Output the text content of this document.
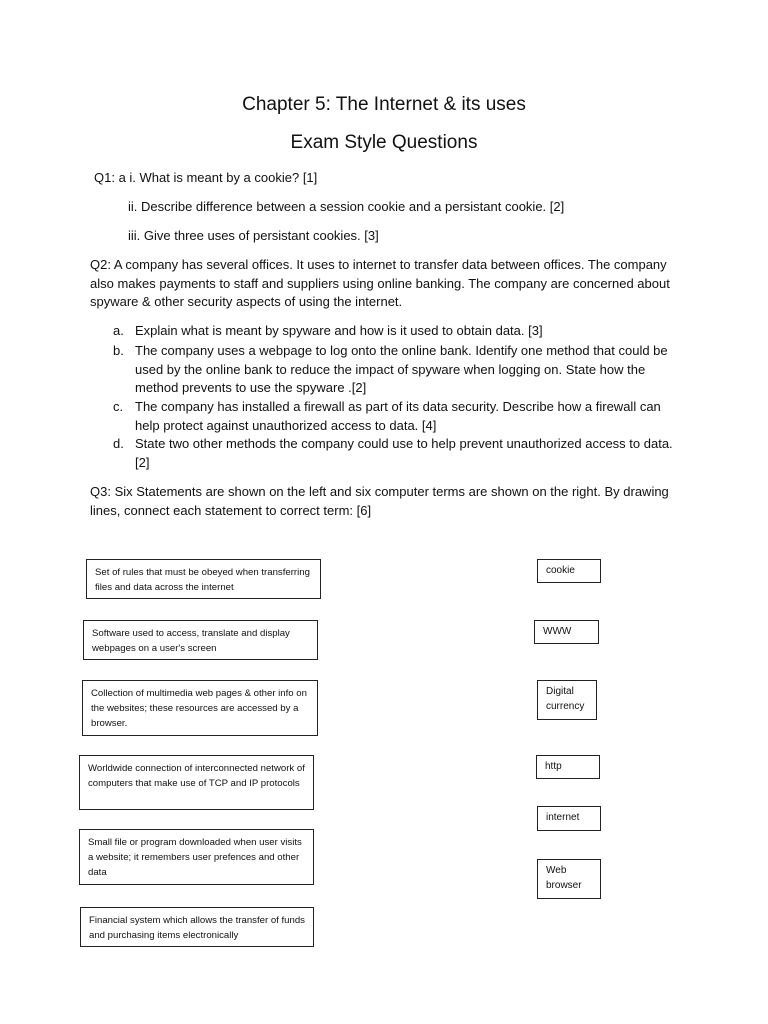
Chapter 5: The Internet & its uses
Exam Style Questions
Q1: a i. What is meant by a cookie? [1]
ii. Describe difference between a session cookie and a persistant cookie. [2]
iii. Give three uses of persistant cookies. [3]
Q2: A company has several offices. It uses to internet to transfer data between offices. The company also makes payments to staff and suppliers using online banking. The company are concerned about spyware & other security aspects of using the internet.
a. Explain what is meant by spyware and how is it used to obtain data. [3]
b. The company uses a webpage to log onto the online bank. Identify one method that could be used by the online bank to reduce the impact of spyware when logging on. State how the method prevents to use the spyware .[2]
c. The company has installed a firewall as part of its data security. Describe how a firewall can help protect against unauthorized access to data. [4]
d. State two other methods the company could use to help prevent unauthorized access to data. [2]
Q3: Six Statements are shown on the left and six computer terms are shown on the right. By drawing lines, connect each statement to correct term: [6]
Set of rules that must be obeyed when transferring files and data across the internet
Software used to access, translate and display webpages on a user's screen
Collection of multimedia web pages & other info on the websites; these resources are accessed by a browser.
Worldwide connection of interconnected network of computers that make use of TCP and IP protocols
Small file or program downloaded when user visits a website; it remembers user prefences and other data
Financial system which allows the transfer of funds and purchasing items electronically
cookie
WWW
Digital currency
http
internet
Web browser
